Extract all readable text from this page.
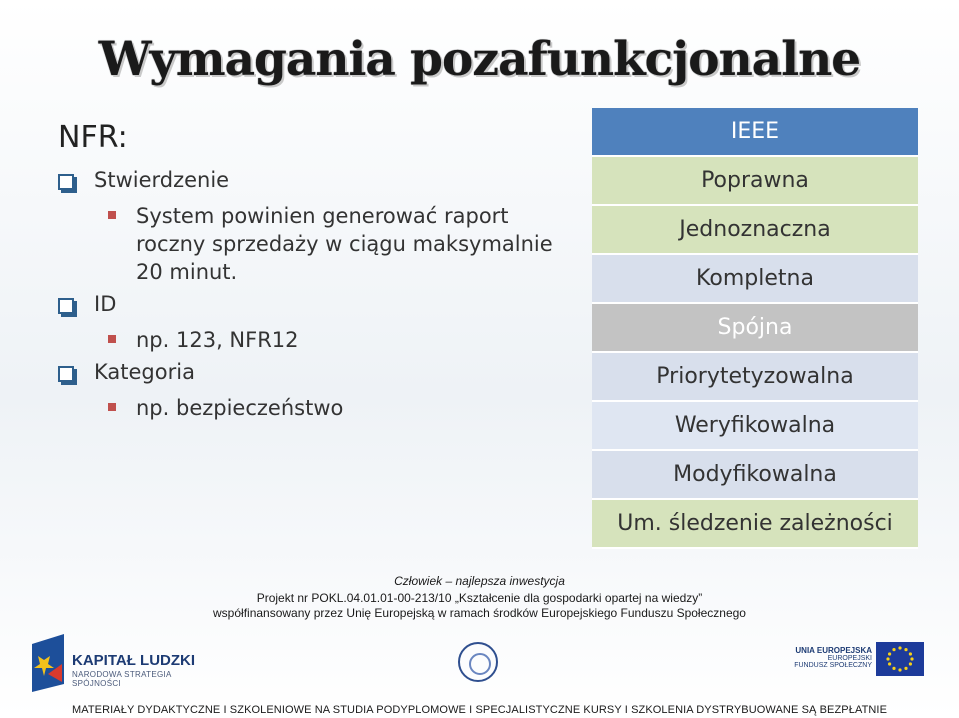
Wymagania pozafunkcjonalne
NFR:
Stwierdzenie
System powinien generować raport roczny sprzedaży w ciągu maksymalnie 20 minut.
ID
np. 123, NFR12
Kategoria
np. bezpieczeństwo
IEEE
Poprawna
Jednoznaczna
Kompletna
Spójna
Priorytetyzowalna
Weryfikowalna
Modyfikowalna
Um. śledzenie zależności
Człowiek – najlepsza inwestycja
Projekt nr POKL.04.01.01-00-213/10 „Kształcenie dla gospodarki opartej na wiedzy”
współfinansowany przez Unię Europejską w ramach środków Europejskiego Funduszu Społecznego
KAPITAŁ LUDZKI
NARODOWA STRATEGIA SPÓJNOŚCI
UNIA EUROPEJSKA
EUROPEJSKI
FUNDUSZ SPOŁECZNY
MATERIAŁY DYDAKTYCZNE I SZKOLENIOWE NA STUDIA PODYPLOMOWE I SPECJALISTYCZNE KURSY I SZKOLENIA DYSTRYBUOWANE SĄ BEZPŁATNIE
